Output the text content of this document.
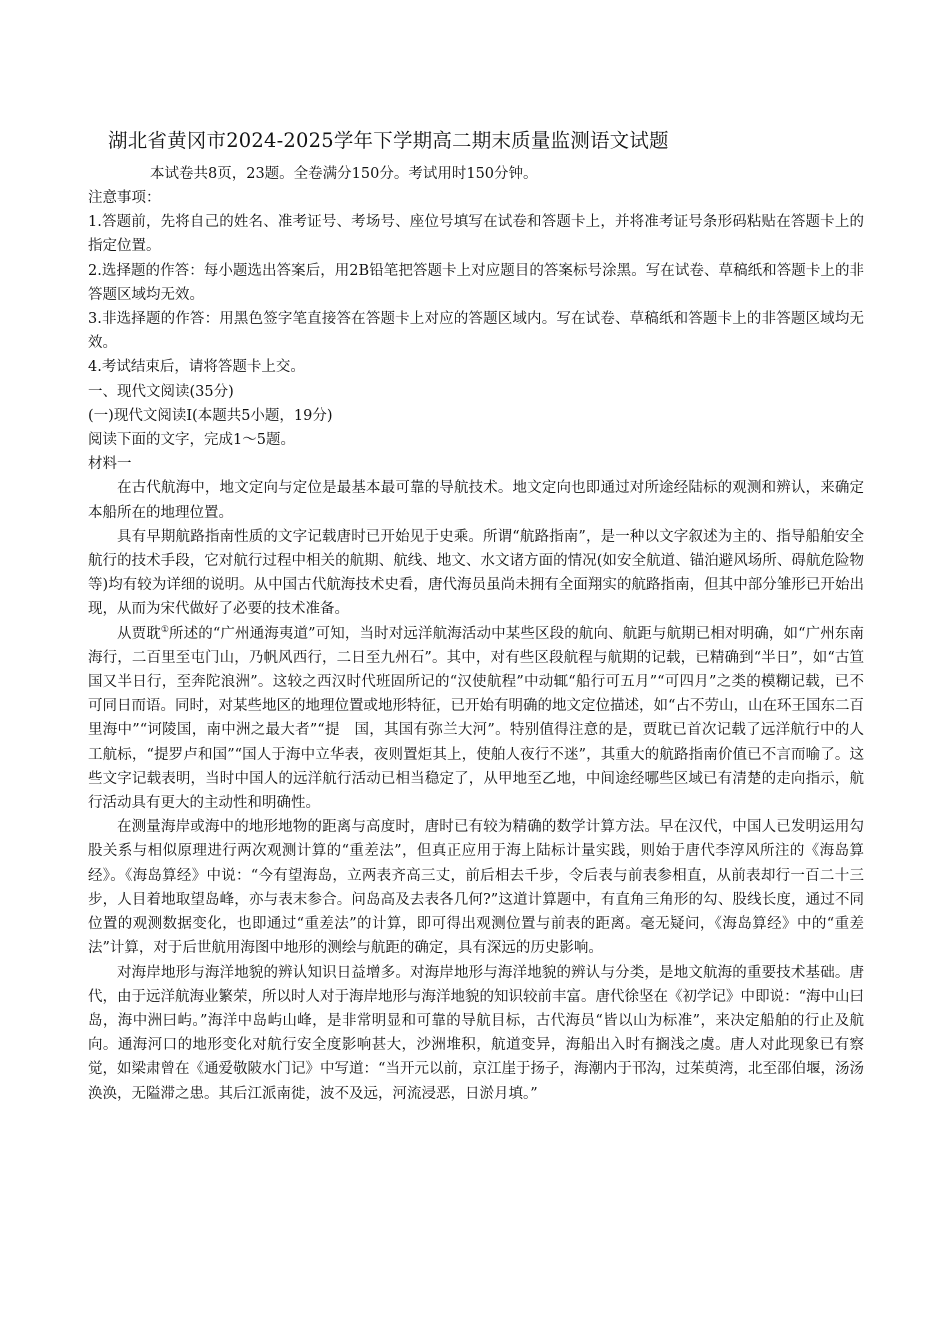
湖北省黄冈市2024-2025学年下学期高二期末质量监测语文试题

本试卷共8页，23题。全卷满分150分。考试用时150分钟。

注意事项：

1.答题前，先将自己的姓名、准考证号、考场号、座位号填写在试卷和答题卡上，并将准考证号条形码粘贴在答题卡上的指定位置。

2.选择题的作答：每小题选出答案后，用2B铅笔把答题卡上对应题目的答案标号涂黑。写在试卷、草稿纸和答题卡上的非答题区域均无效。

3.非选择题的作答：用黑色签字笔直接答在答题卡上对应的答题区域内。写在试卷、草稿纸和答题卡上的非答题区域均无效。

4.考试结束后，请将答题卡上交。

一、现代文阅读(35分)

(一)现代文阅读Ⅰ(本题共5小题，19分)

阅读下面的文字，完成1～5题。

材料一

在古代航海中，地文定向与定位是最基本最可靠的导航技术。地文定向也即通过对所途经陆标的观测和辨认，来确定本船所在的地理位置。

具有早期航路指南性质的文字记载唐时已开始见于史乘。所谓“航路指南”，是一种以文字叙述为主的、指导船舶安全航行的技术手段，它对航行过程中相关的航期、航线、地文、水文诸方面的情况(如安全航道、锚泊避风场所、碍航危险物等)均有较为详细的说明。从中国古代航海技术史看，唐代海员虽尚未拥有全面翔实的航路指南，但其中部分雏形已开始出现，从而为宋代做好了必要的技术准备。

从贾耽①所述的“广州通海夷道”可知，当时对远洋航海活动中某些区段的航向、航距与航期已相对明确，如“广州东南海行，二百里至屯门山，乃帆风西行，二日至九州石”。其中，对有些区段航程与航期的记载，已精确到“半日”，如“古笪国又半日行，至奔陀浪洲”。这较之西汉时代班固所记的“汉使航程”中动辄“船行可五月”“可四月”之类的模糊记载，已不可同日而语。同时，对某些地区的地理位置或地形特征，已开始有明确的地文定位描述，如“占不劳山，山在环王国东二百里海中”“诃陵国，南中洲之最大者”“提　国，其国有弥兰大河”。特别值得注意的是，贾耽已首次记载了远洋航行中的人工航标，“提罗卢和国”“国人于海中立华表，夜则置炬其上，使舶人夜行不迷”，其重大的航路指南价值已不言而喻了。这些文字记载表明，当时中国人的远洋航行活动已相当稳定了，从甲地至乙地，中间途经哪些区域已有清楚的走向指示，航行活动具有更大的主动性和明确性。

在测量海岸或海中的地形地物的距离与高度时，唐时已有较为精确的数学计算方法。早在汉代，中国人已发明运用勾股关系与相似原理进行两次观测计算的“重差法”，但真正应用于海上陆标计量实践，则始于唐代李淳风所注的《海岛算经》。《海岛算经》中说：“今有望海岛，立两表齐高三丈，前后相去千步，令后表与前表参相直，从前表却行一百二十三步，人目着地取望岛峰，亦与表末参合。问岛高及去表各几何?”这道计算题中，有直角三角形的勾、股线长度，通过不同位置的观测数据变化，也即通过“重差法”的计算，即可得出观测位置与前表的距离。毫无疑问，《海岛算经》中的“重差法”计算，对于后世航用海图中地形的测绘与航距的确定，具有深远的历史影响。

对海岸地形与海洋地貌的辨认知识日益增多。对海岸地形与海洋地貌的辨认与分类，是地文航海的重要技术基础。唐代，由于远洋航海业繁荣，所以时人对于海岸地形与海洋地貌的知识较前丰富。唐代徐坚在《初学记》中即说：“海中山曰岛，海中洲曰屿。”海洋中岛屿山峰，是非常明显和可靠的导航目标，古代海员“皆以山为标准”，来决定船舶的行止及航向。通海河口的地形变化对航行安全度影响甚大，沙洲堆积，航道变异，海船出入时有搁浅之虞。唐人对此现象已有察觉，如梁肃曾在《通爱敬陂水门记》中写道：“当开元以前，京江崖于扬子，海潮内于邗沟，过茱萸湾，北至邵伯堰，汤汤涣涣，无隘滞之患。其后江派南徙，波不及远，河流浸恶，日淤月填。”
